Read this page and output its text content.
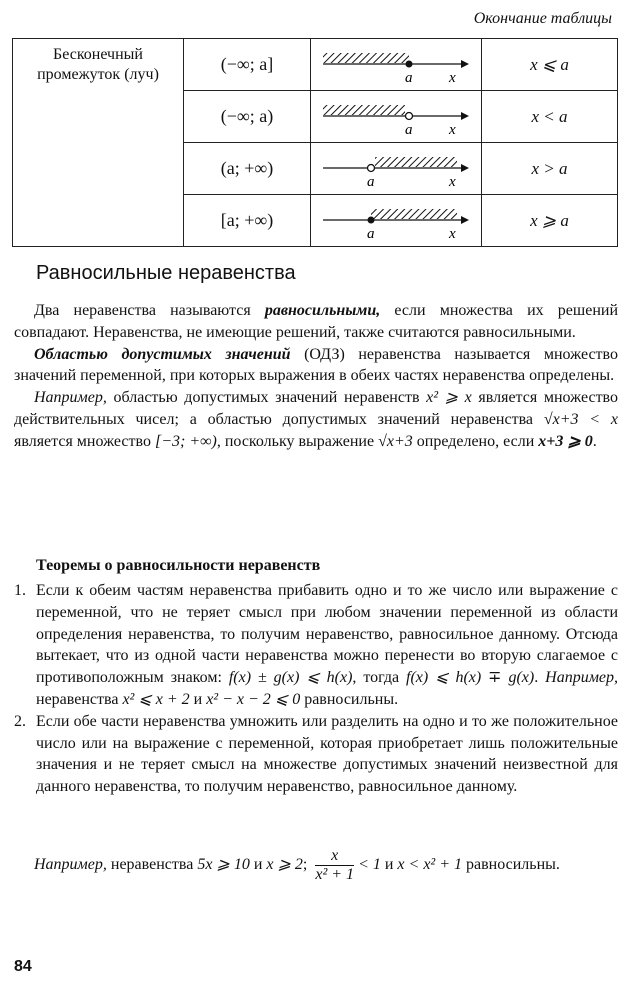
Окончание таблицы
Бесконечный промежуток (луч)	(−∞; a]	a x	x ⩽ a
	(−∞; a)	a x	x < a
	(a; +∞)	a x	x > a
	[a; +∞)	a x	x ⩾ a
Равносильные неравенства

Два неравенства называются равносильными, если множества их решений совпадают. Неравенства, не имеющие решений, также считаются равносильными.

Областью допустимых значений (ОДЗ) неравенства называется множество значений переменной, при которых выражения в обеих частях неравенства определены.

Например, областью допустимых значений неравенств x² ⩾ x является множество действительных чисел; а областью допустимых значений неравенства √x+3 < x является множество [−3; +∞), поскольку выражение √x+3 определено, если x+3 ⩾ 0.

Теоремы о равносильности неравенств
1. Если к обеим частям неравенства прибавить одно и то же число или выражение с переменной, что не теряет смысл при любом значении переменной из области определения неравенства, то получим неравенство, равносильное данному. Отсюда вытекает, что из одной части неравенства можно перенести во вторую слагаемое с противоположным знаком: f(x) ± g(x) ⩽ h(x), тогда f(x) ⩽ h(x) ∓ g(x). Например, неравенства x² ⩽ x + 2 и x² − x − 2 ⩽ 0 равносильны.
2. Если обе части неравенства умножить или разделить на одно и то же положительное число или на выражение с переменной, которая приобретает лишь положительные значения и не теряет смысл на множестве допустимых значений неизвестной для данного неравенства, то получим неравенство, равносильное данному.
Например, неравенства 5x ⩾ 10 и x ⩾ 2; $\frac{x}{\text{x² + 1}} < 1$ и x < x² + 1 равносильны.
84
